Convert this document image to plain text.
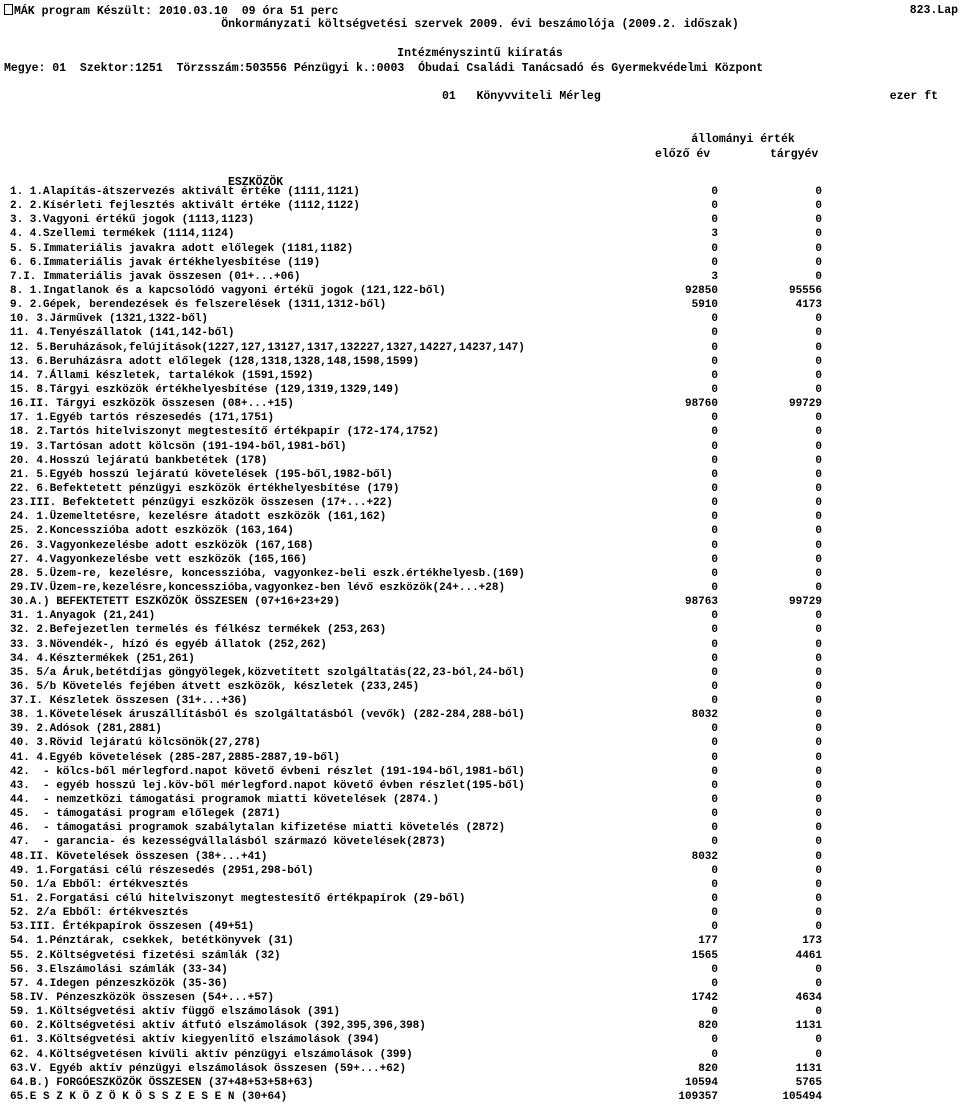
MÁK program Készült: 2010.03.10  09 óra 51 perc	823.Lap
Önkormányzati költségvetési szervek 2009. évi beszámolója (2009.2. időszak)
Intézményszintű kiíratás
Megye: 01  Szektor:1251  Törzsszám:503556 Pénzügyi k.:0003  Óbudai Családi Tanácsadó és Gyermekvédelmi Központ
01   Könyvviteli Mérleg	ezer ft
állományi érték
előző év	tárgyév
ESZKÖZÖK
1. 1.Alapítás-átszervezés aktivált értéke (1111,1121)	0	0
2. 2.Kísérleti fejlesztés aktivált értéke (1112,1122)	0	0
3. 3.Vagyoni értékű jogok (1113,1123)	0	0
4. 4.Szellemi termékek (1114,1124)	3	0
5. 5.Immateriális javakra adott előlegek (1181,1182)	0	0
6. 6.Immateriális javak értékhelyesbítése (119)	0	0
7.I. Immateriális javak összesen (01+...+06)	3	0
8. 1.Ingatlanok és a kapcsolódó vagyoni értékű jogok (121,122-ből)	92850	95556
9. 2.Gépek, berendezések és felszerelések (1311,1312-ből)	5910	4173
10. 3.Járművek (1321,1322-ből)	0	0
11. 4.Tenyészállatok (141,142-ből)	0	0
12. 5.Beruházások,felújítások(1227,127,13127,1317,132227,1327,14227,14237,147)	0	0
13. 6.Beruházásra adott előlegek (128,1318,1328,148,1598,1599)	0	0
14. 7.Állami készletek, tartalékok (1591,1592)	0	0
15. 8.Tárgyi eszközök értékhelyesbítése (129,1319,1329,149)	0	0
16.II. Tárgyi eszközök összesen (08+...+15)	98760	99729
17. 1.Egyéb tartós részesedés (171,1751)	0	0
18. 2.Tartós hitelviszonyt megtestesítő értékpapír (172-174,1752)	0	0
19. 3.Tartósan adott kölcsön (191-194-ből,1981-ből)	0	0
20. 4.Hosszú lejáratú bankbetétek (178)	0	0
21. 5.Egyéb hosszú lejáratú követelések (195-ből,1982-ből)	0	0
22. 6.Befektetett pénzügyi eszközök értékhelyesbítése (179)	0	0
23.III. Befektetett pénzügyi eszközök összesen (17+...+22)	0	0
24. 1.Üzemeltetésre, kezelésre átadott eszközök (161,162)	0	0
25. 2.Koncesszióba adott eszközök (163,164)	0	0
26. 3.Vagyonkezelésbe adott eszközök (167,168)	0	0
27. 4.Vagyonkezelésbe vett eszközök (165,166)	0	0
28. 5.Üzem-re, kezelésre, koncesszióba, vagyonkez-beli eszk.értékhelyesb.(169)	0	0
29.IV.Üzem-re,kezelésre,koncesszióba,vagyonkez-ben lévő eszközök(24+...+28)	0	0
30.A.) BEFEKTETETT ESZKÖZÖK ÖSSZESEN (07+16+23+29)	98763	99729
31. 1.Anyagok (21,241)	0	0
32. 2.Befejezetlen termelés és félkész termékek (253,263)	0	0
33. 3.Növendék-, hízó és egyéb állatok (252,262)	0	0
34. 4.Késztermékek (251,261)	0	0
35. 5/a Áruk,betétdíjas göngyölegek,közvetített szolgáltatás(22,23-ból,24-ből)	0	0
36. 5/b Követelés fejében átvett eszközök, készletek (233,245)	0	0
37.I. Készletek összesen (31+...+36)	0	0
38. 1.Követelések áruszállításból és szolgáltatásból (vevők) (282-284,288-ból)	8032	0
39. 2.Adósok (281,2881)	0	0
40. 3.Rövid lejáratú kölcsönök(27,278)	0	0
41. 4.Egyéb követelések (285-287,2885-2887,19-ből)	0	0
42.  - kölcs-ből mérlegford.napot követő évbeni részlet (191-194-ből,1981-ből)	0	0
43.  - egyéb hosszú lej.köv-ből mérlegford.napot követő évben részlet(195-ből)	0	0
44.  - nemzetközi támogatási programok miatti követelések (2874.)	0	0
45.  - támogatási program előlegek (2871)	0	0
46.  - támogatási programok szabálytalan kifizetése miatti követelés (2872)	0	0
47.  - garancia- és kezességvállalásból származó követelések(2873)	0	0
48.II. Követelések összesen (38+...+41)	8032	0
49. 1.Forgatási célú részesedés (2951,298-ból)	0	0
50. 1/a Ebből: értékvesztés	0	0
51. 2.Forgatási célú hitelviszonyt megtestesítő értékpapírok (29-ből)	0	0
52. 2/a Ebből: értékvesztés	0	0
53.III. Értékpapírok összesen (49+51)	0	0
54. 1.Pénztárak, csekkek, betétkönyvek (31)	177	173
55. 2.Költségvetési fizetési számlák (32)	1565	4461
56. 3.Elszámolási számlák (33-34)	0	0
57. 4.Idegen pénzeszközök (35-36)	0	0
58.IV. Pénzeszközök összesen (54+...+57)	1742	4634
59. 1.Költségvetési aktív függő elszámolások (391)	0	0
60. 2.Költségvetési aktív átfutó elszámolások (392,395,396,398)	820	1131
61. 3.Költségvetési aktív kiegyenlítő elszámolások (394)	0	0
62. 4.Költségvetésen kívüli aktív pénzügyi elszámolások (399)	0	0
63.V. Egyéb aktív pénzügyi elszámolások összesen (59+...+62)	820	1131
64.B.) FORGÓESZKÖZÖK ÖSSZESEN (37+48+53+58+63)	10594	5765
65.E S Z K Ö Z Ö K Ö S S Z E S E N (30+64)	109357	105494
